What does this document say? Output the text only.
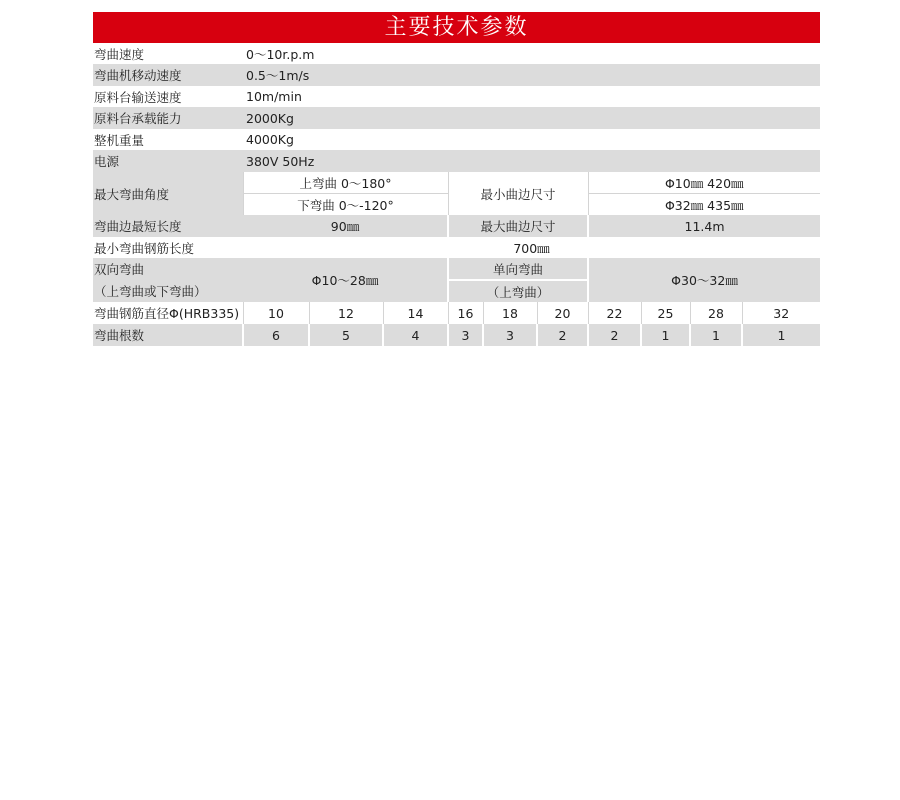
主要技术参数
弯曲速度	0～10r.p.m									
弯曲机移动速度	0.5～1m/s									
原料台输送速度	10m/min									
原料台承载能力	2000Kg									
整机重量	4000Kg									
电源	380V 50Hz									
最大弯曲角度	上弯曲 0～180°			最小曲边尺寸			Φ10㎜ 420㎜			
	下弯曲 0～-120°						Φ32㎜ 435㎜			
弯曲边最短长度	90㎜			最大曲边尺寸			11.4m			
最小弯曲钢筋长度	700㎜									
双向弯曲	Φ10～28㎜			单向弯曲			Φ30～32㎜			
（上弯曲或下弯曲）				（上弯曲）						
弯曲钢筋直径Φ(HRB335)	10	12	14	16	18	20	22	25	28	32
弯曲根数	6	5	4	3	3	2	2	1	1	1
